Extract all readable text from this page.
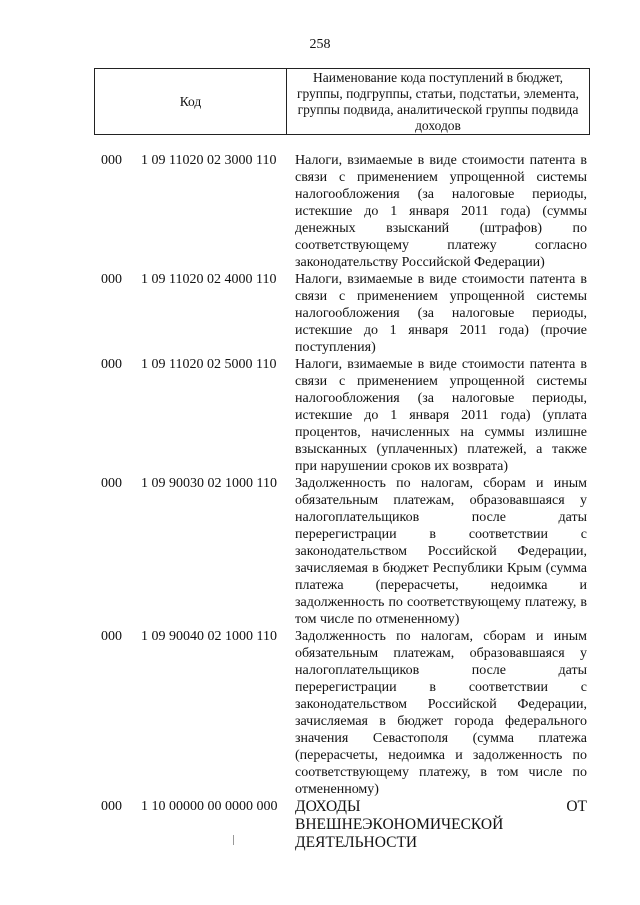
258
Код
Наименование кода поступлений в бюджет, группы, подгруппы, статьи, подстатьи, элемента, группы подвида, аналитической группы подвида доходов
000	1 09 11020 02 3000 110	Налоги, взимаемые в виде стоимости патента в связи с применением упрощенной системы налогообложения (за налоговые периоды, истекшие до 1 января 2011 года) (суммы денежных взысканий (штрафов) по соответствующему платежу согласно законодательству Российской Федерации)
000	1 09 11020 02 4000 110	Налоги, взимаемые в виде стоимости патента в связи с применением упрощенной системы налогообложения (за налоговые периоды, истекшие до 1 января 2011 года) (прочие поступления)
000	1 09 11020 02 5000 110	Налоги, взимаемые в виде стоимости патента в связи с применением упрощенной системы налогообложения (за налоговые периоды, истекшие до 1 января 2011 года) (уплата процентов, начисленных на суммы излишне взысканных (уплаченных) платежей, а также при нарушении сроков их возврата)
000	1 09 90030 02 1000 110	Задолженность по налогам, сборам и иным обязательным платежам, образовавшаяся у налогоплательщиков после даты перерегистрации в соответствии с законодательством Российской Федерации, зачисляемая в бюджет Республики Крым (сумма платежа (перерасчеты, недоимка и задолженность по соответствующему платежу, в том числе по отмененному)
000	1 09 90040 02 1000 110	Задолженность по налогам, сборам и иным обязательным платежам, образовавшаяся у налогоплательщиков после даты перерегистрации в соответствии с законодательством Российской Федерации, зачисляемая в бюджет города федерального значения Севастополя (сумма платежа (перерасчеты, недоимка и задолженность по соответствующему платежу, в том числе по отмененному)
000	1 10 00000 00 0000 000	ДОХОДЫ ОТ ВНЕШНЕЭКОНОМИЧЕСКОЙ ДЕЯТЕЛЬНОСТИ
